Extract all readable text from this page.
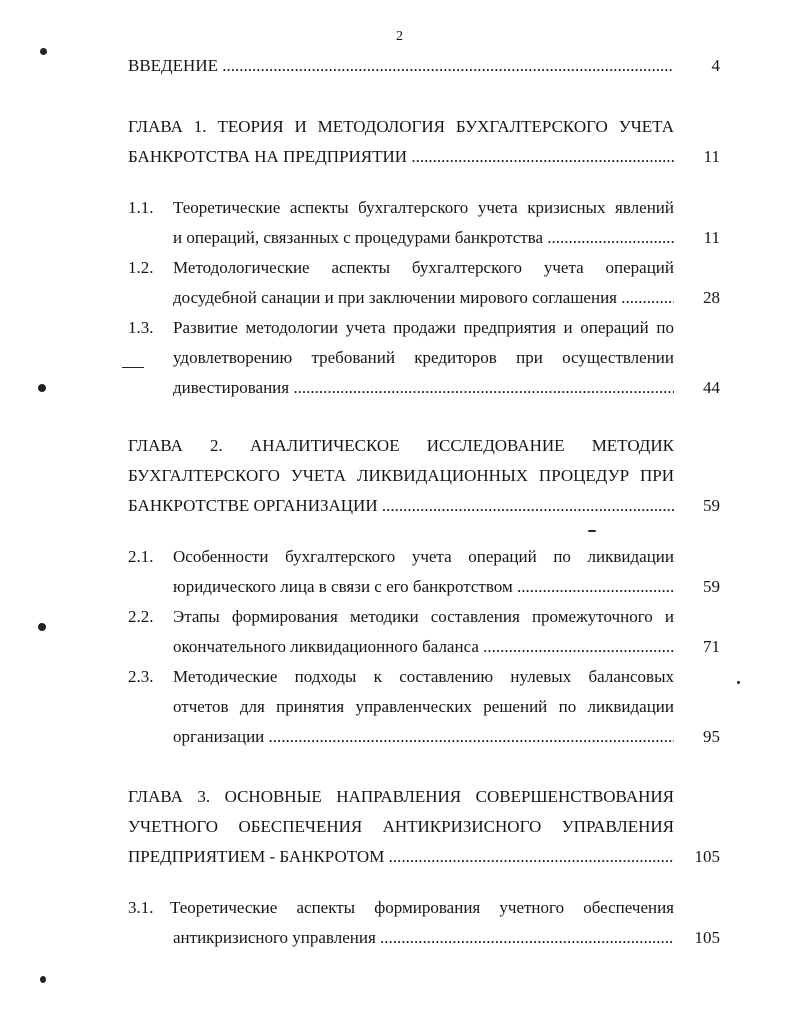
2
ВВЕДЕНИЕ .....	4
ГЛАВА 1. ТЕОРИЯ И МЕТОДОЛОГИЯ БУХГАЛТЕРСКОГО УЧЕТА
БАНКРОТСТВА НА ПРЕДПРИЯТИИ .....	11
1.1. Теоретические аспекты бухгалтерского учета кризисных явлений
и операций, связанных с процедурами банкротства .....	11
1.2. Методологические аспекты бухгалтерского учета операций
досудебной санации и при заключении мирового соглашения .....	28
1.3. Развитие методологии учета продажи предприятия и операций по
удовлетворению требований кредиторов при осуществлении
дивестирования .....	44
ГЛАВА 2. АНАЛИТИЧЕСКОЕ ИССЛЕДОВАНИЕ МЕТОДИК
БУХГАЛТЕРСКОГО УЧЕТА ЛИКВИДАЦИОННЫХ ПРОЦЕДУР ПРИ
БАНКРОТСТВЕ ОРГАНИЗАЦИИ .....	59
2.1. Особенности бухгалтерского учета операций по ликвидации
юридического лица в связи с его банкротством .....	59
2.2. Этапы формирования методики составления промежуточного и
окончательного ликвидационного баланса .....	71
2.3. Методические подходы к составлению нулевых балансовых
отчетов для принятия управленческих решений по ликвидации
организации .....	95
ГЛАВА 3. ОСНОВНЫЕ НАПРАВЛЕНИЯ СОВЕРШЕНСТВОВАНИЯ
УЧЕТНОГО ОБЕСПЕЧЕНИЯ АНТИКРИЗИСНОГО УПРАВЛЕНИЯ
ПРЕДПРИЯТИЕМ - БАНКРОТОМ .....	105
3.1. Теоретические аспекты формирования учетного обеспечения
антикризисного управления .....	105
